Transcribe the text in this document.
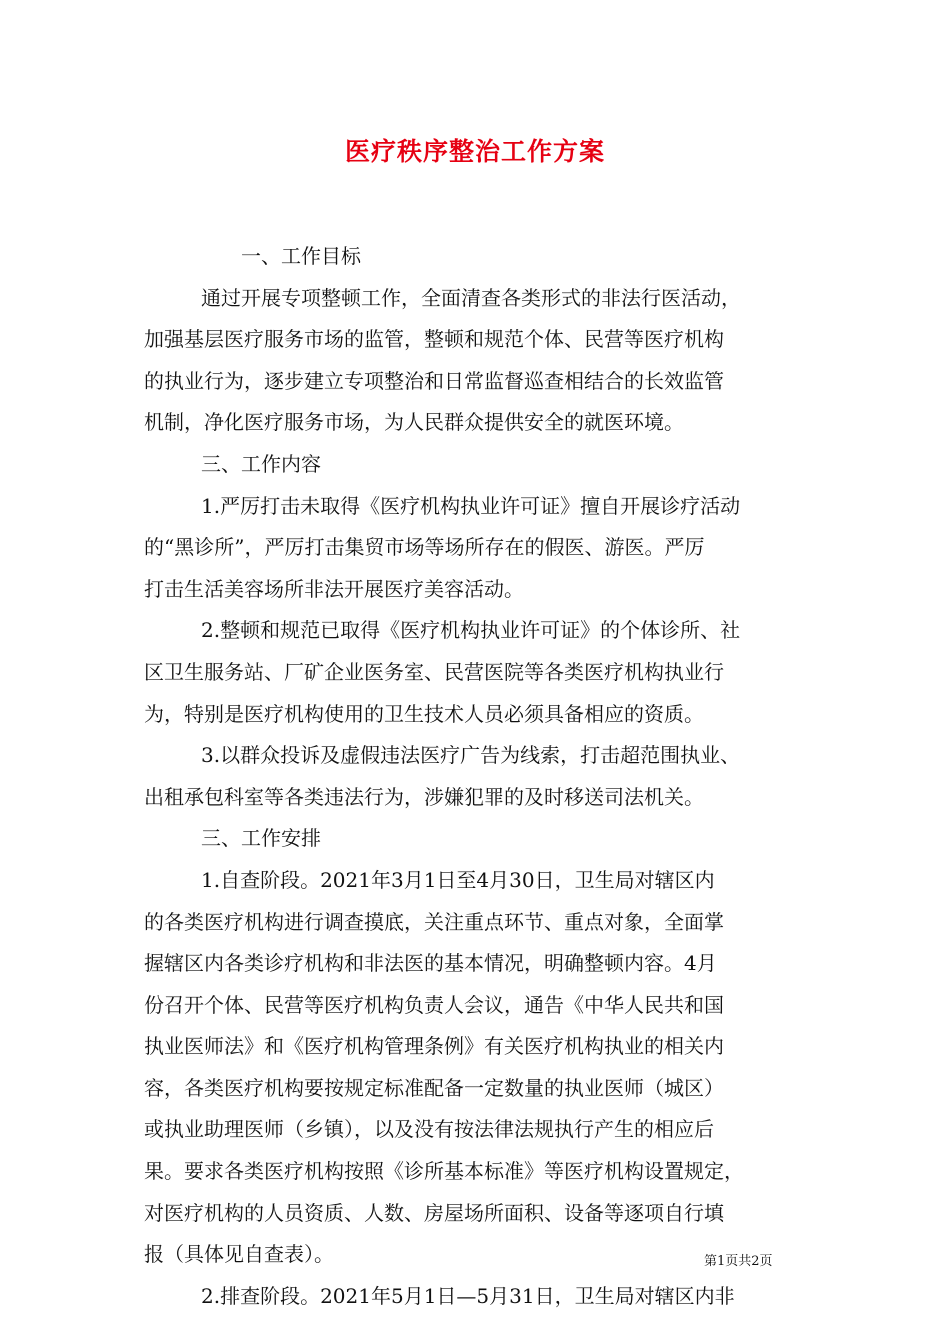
医疗秩序整治工作方案
一、工作目标
通过开展专项整顿工作，全面清查各类形式的非法行医活动，
加强基层医疗服务市场的监管，整顿和规范个体、民营等医疗机构
的执业行为，逐步建立专项整治和日常监督巡查相结合的长效监管
机制，净化医疗服务市场，为人民群众提供安全的就医环境。
三、工作内容
1.严厉打击未取得《医疗机构执业许可证》擅自开展诊疗活动
的“黑诊所”，严厉打击集贸市场等场所存在的假医、游医。严厉
打击生活美容场所非法开展医疗美容活动。
2.整顿和规范已取得《医疗机构执业许可证》的个体诊所、社
区卫生服务站、厂矿企业医务室、民营医院等各类医疗机构执业行
为，特别是医疗机构使用的卫生技术人员必须具备相应的资质。
3.以群众投诉及虚假违法医疗广告为线索，打击超范围执业、
出租承包科室等各类违法行为，涉嫌犯罪的及时移送司法机关。
三、工作安排
1.自查阶段。2021年3月1日至4月30日，卫生局对辖区内
的各类医疗机构进行调查摸底，关注重点环节、重点对象，全面掌
握辖区内各类诊疗机构和非法医的基本情况，明确整顿内容。4月
份召开个体、民营等医疗机构负责人会议，通告《中华人民共和国
执业医师法》和《医疗机构管理条例》有关医疗机构执业的相关内
容，各类医疗机构要按规定标准配备一定数量的执业医师（城区）
或执业助理医师（乡镇），以及没有按法律法规执行产生的相应后
果。要求各类医疗机构按照《诊所基本标准》等医疗机构设置规定，
对医疗机构的人员资质、人数、房屋场所面积、设备等逐项自行填
报（具体见自查表）。
2.排查阶段。2021年5月1日—5月31日，卫生局对辖区内非
第1页共2页
